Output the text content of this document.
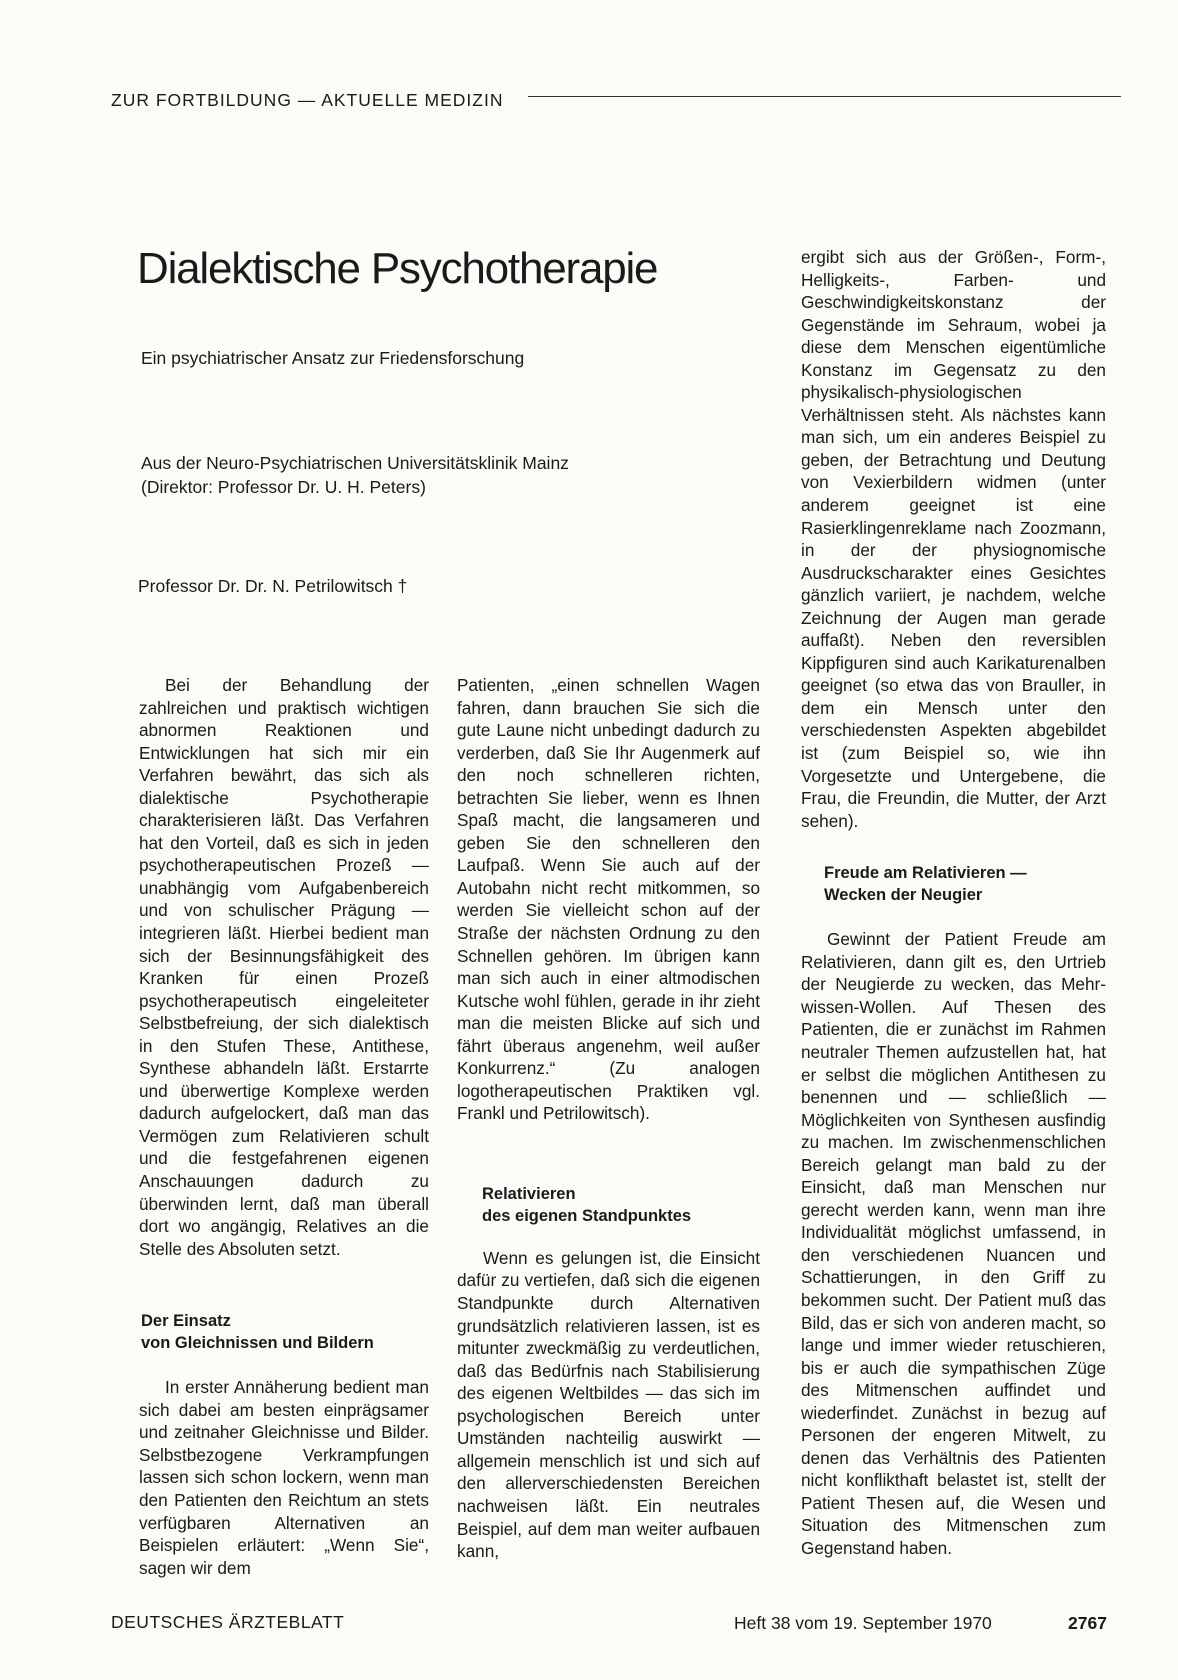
ZUR FORTBILDUNG — AKTUELLE MEDIZIN
Dialektische Psychotherapie
Ein psychiatrischer Ansatz zur Friedensforschung
Aus der Neuro-Psychiatrischen Universitätsklinik Mainz
(Direktor: Professor Dr. U. H. Peters)
Professor Dr. Dr. N. Petrilowitsch †

Bei der Behandlung der zahlreichen und praktisch wichtigen abnormen Reaktionen und Entwicklungen hat sich mir ein Verfahren bewährt, das sich als dialektische Psychotherapie charakterisieren läßt. Das Verfahren hat den Vorteil, daß es sich in jeden psychotherapeutischen Prozeß — unabhängig vom Aufgabenbereich und von schulischer Prägung — integrieren läßt. Hierbei bedient man sich der Besinnungsfähigkeit des Kranken für einen Prozeß psychotherapeutisch eingeleiteter Selbstbefreiung, der sich dialektisch in den Stufen These, Antithese, Synthese abhandeln läßt. Erstarrte und überwertige Komplexe werden dadurch aufgelockert, daß man das Vermögen zum Relativieren schult und die festgefahrenen eigenen Anschauungen dadurch zu überwinden lernt, daß man überall dort wo angängig, Relatives an die Stelle des Absoluten setzt.

Der Einsatz
von Gleichnissen und Bildern

In erster Annäherung bedient man sich dabei am besten einprägsamer und zeitnaher Gleichnisse und Bilder. Selbstbezogene Verkrampfungen lassen sich schon lockern, wenn man den Patienten den Reichtum an stets verfügbaren Alternativen an Beispielen erläutert: „Wenn Sie“, sagen wir dem

Patienten, „einen schnellen Wagen fahren, dann brauchen Sie sich die gute Laune nicht unbedingt dadurch zu verderben, daß Sie Ihr Augenmerk auf den noch schnelleren richten, betrachten Sie lieber, wenn es Ihnen Spaß macht, die langsameren und geben Sie den schnelleren den Laufpaß. Wenn Sie auch auf der Autobahn nicht recht mitkommen, so werden Sie vielleicht schon auf der Straße der nächsten Ordnung zu den Schnellen gehören. Im übrigen kann man sich auch in einer altmodischen Kutsche wohl fühlen, gerade in ihr zieht man die meisten Blicke auf sich und fährt überaus angenehm, weil außer Konkurrenz.“ (Zu analogen logotherapeutischen Praktiken vgl. Frankl und Petrilowitsch).

Relativieren
des eigenen Standpunktes

Wenn es gelungen ist, die Einsicht dafür zu vertiefen, daß sich die eigenen Standpunkte durch Alternativen grundsätzlich relativieren lassen, ist es mitunter zweckmäßig zu verdeutlichen, daß das Bedürfnis nach Stabilisierung des eigenen Weltbildes — das sich im psychologischen Bereich unter Umständen nachteilig auswirkt — allgemein menschlich ist und sich auf den allerverschiedensten Bereichen nachweisen läßt. Ein neutrales Beispiel, auf dem man weiter aufbauen kann,

ergibt sich aus der Größen-, Form-, Helligkeits-, Farben- und Geschwindigkeitskonstanz der Gegenstände im Sehraum, wobei ja diese dem Menschen eigentümliche Konstanz im Gegensatz zu den physikalisch-physiologischen Verhältnissen steht. Als nächstes kann man sich, um ein anderes Beispiel zu geben, der Betrachtung und Deutung von Vexierbildern widmen (unter anderem geeignet ist eine Rasierklingenreklame nach Zoozmann, in der der physiognomische Ausdruckscharakter eines Gesichtes gänzlich variiert, je nachdem, welche Zeichnung der Augen man gerade auffaßt). Neben den reversiblen Kippfiguren sind auch Karikaturenalben geeignet (so etwa das von Brauller, in dem ein Mensch unter den verschiedensten Aspekten abgebildet ist (zum Beispiel so, wie ihn Vorgesetzte und Untergebene, die Frau, die Freundin, die Mutter, der Arzt sehen).

Freude am Relativieren —
Wecken der Neugier

Gewinnt der Patient Freude am Relativieren, dann gilt es, den Urtrieb der Neugierde zu wecken, das Mehr-wissen-Wollen. Auf Thesen des Patienten, die er zunächst im Rahmen neutraler Themen aufzustellen hat, hat er selbst die möglichen Antithesen zu benennen und — schließlich — Möglichkeiten von Synthesen ausfindig zu machen. Im zwischenmenschlichen Bereich gelangt man bald zu der Einsicht, daß man Menschen nur gerecht werden kann, wenn man ihre Individualität möglichst umfassend, in den verschiedenen Nuancen und Schattierungen, in den Griff zu bekommen sucht. Der Patient muß das Bild, das er sich von anderen macht, so lange und immer wieder retuschieren, bis er auch die sympathischen Züge des Mitmenschen auffindet und wiederfindet. Zunächst in bezug auf Personen der engeren Mitwelt, zu denen das Verhältnis des Patienten nicht konflikthaft belastet ist, stellt der Patient Thesen auf, die Wesen und Situation des Mitmenschen zum Gegenstand haben.

DEUTSCHES ÄRZTEBLATT	Heft 38 vom 19. September 1970	2767
